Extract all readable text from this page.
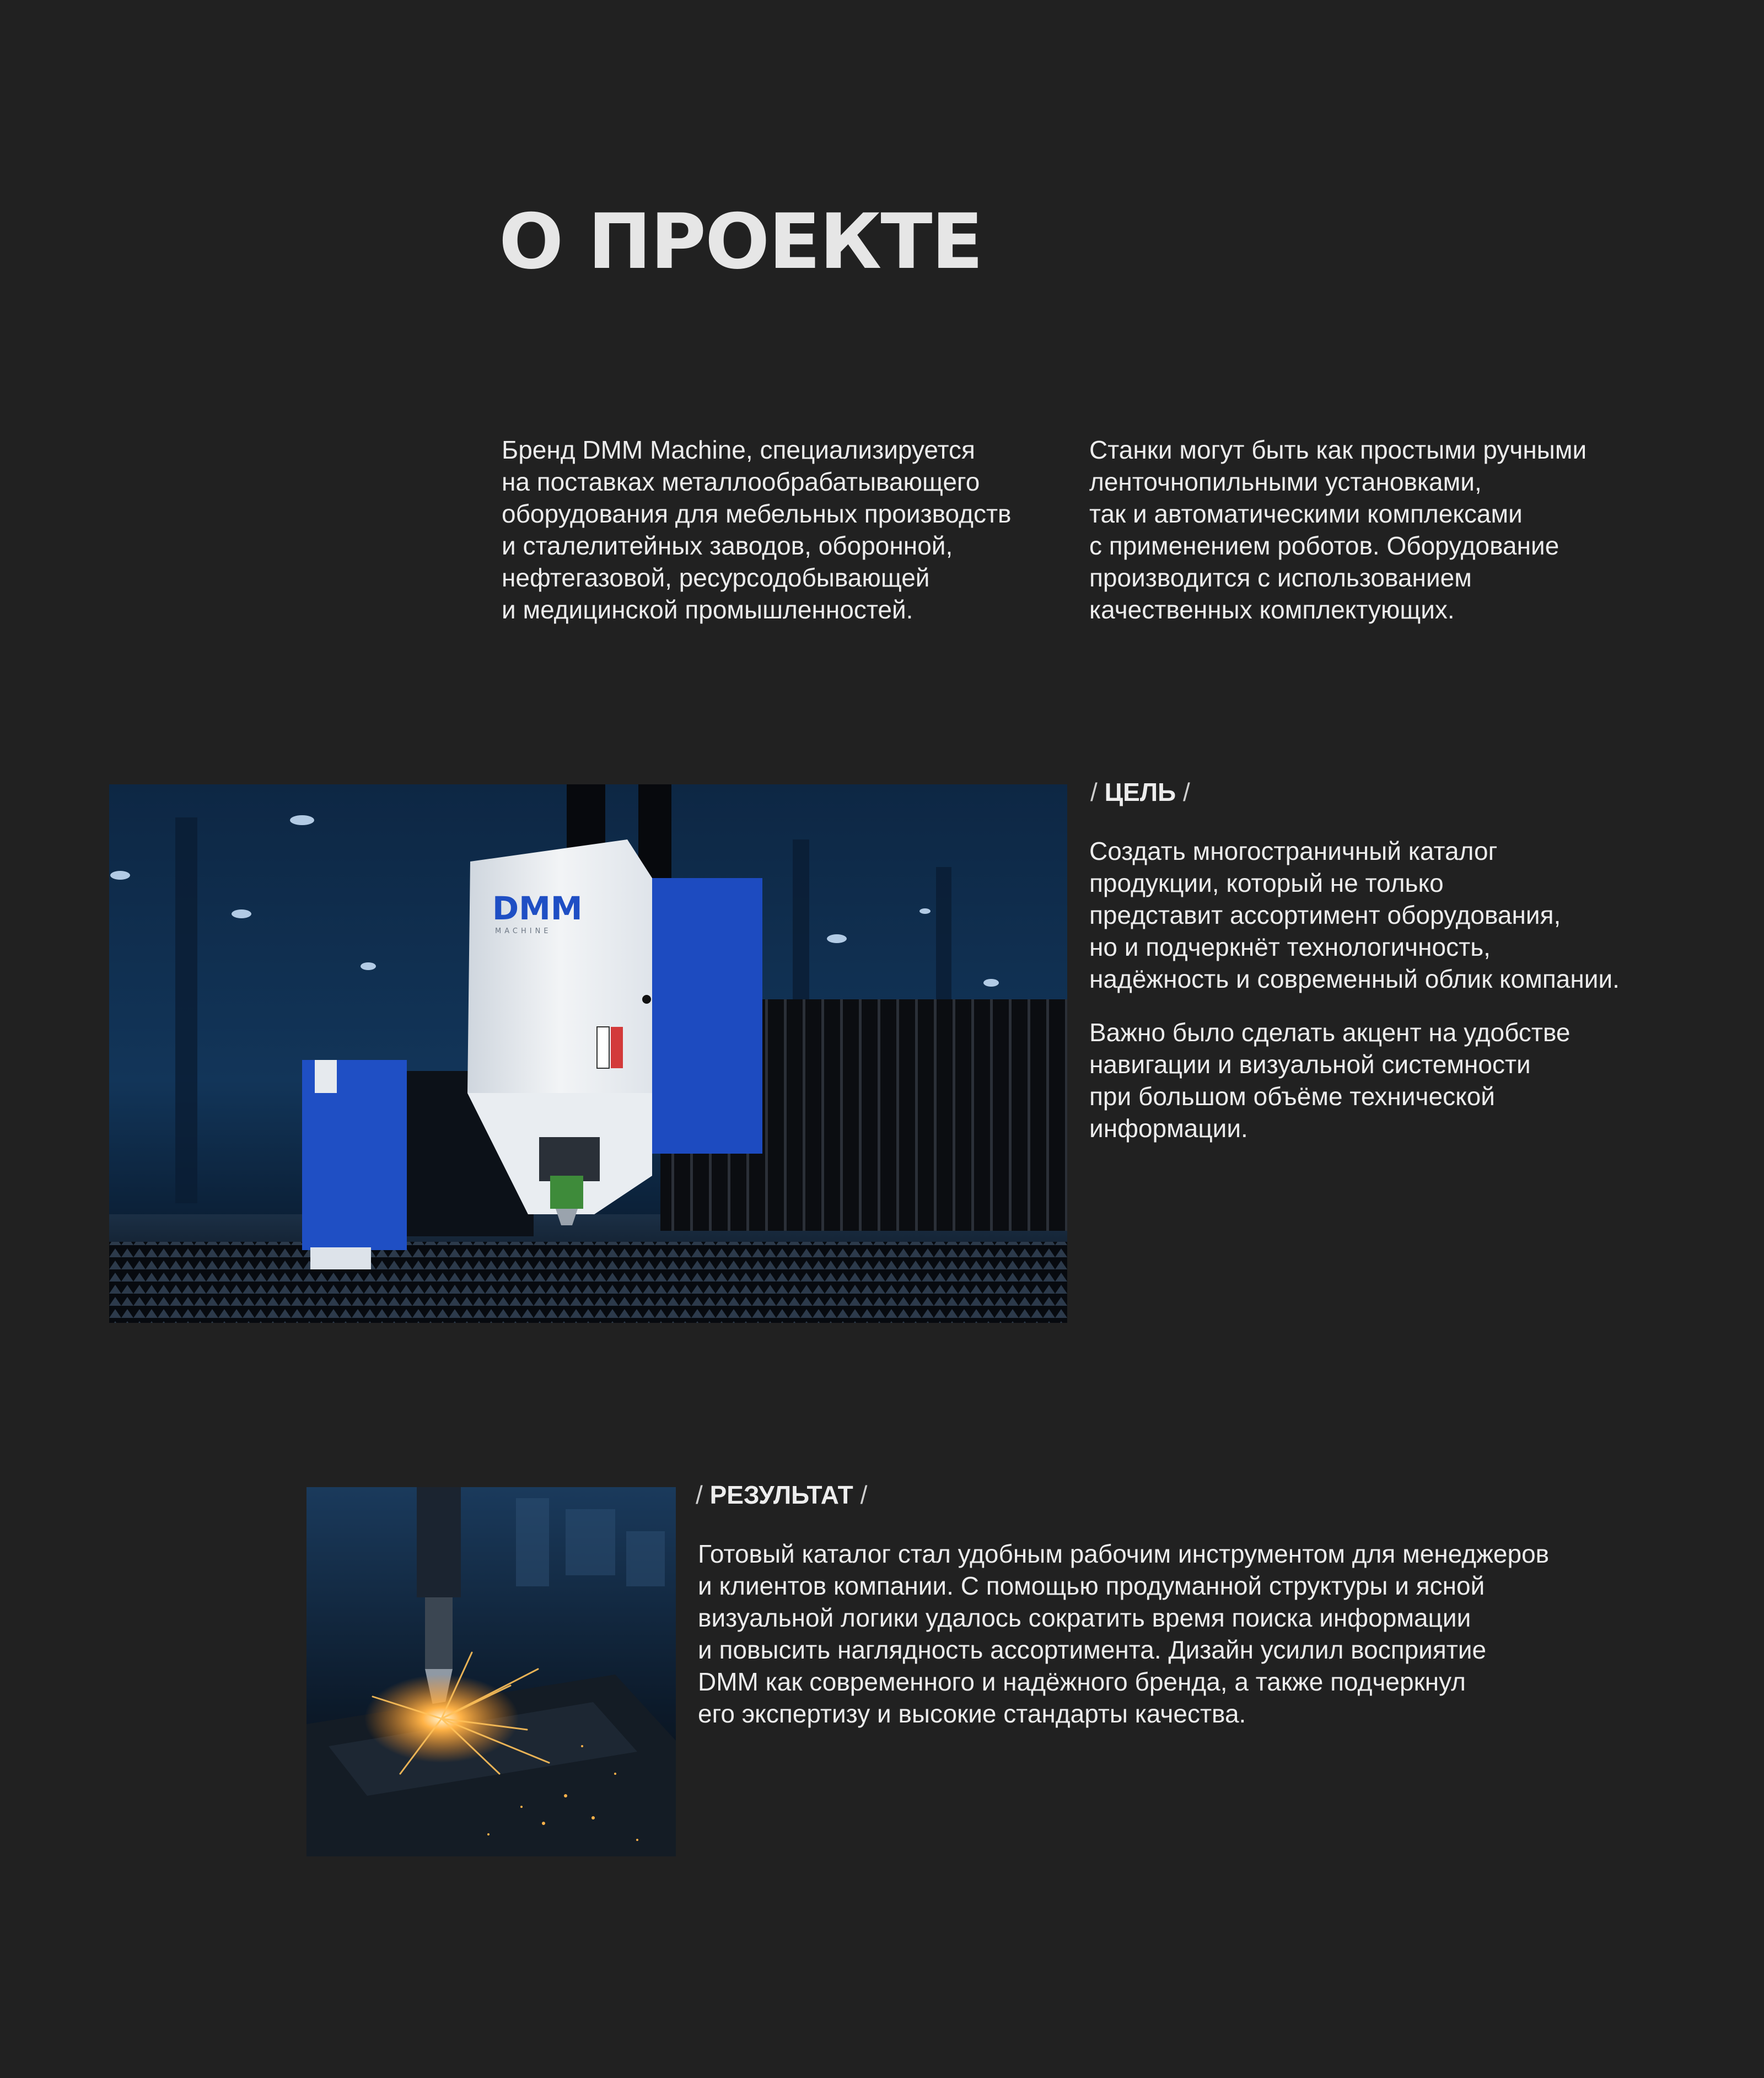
О ПРОЕКТЕ

Бренд DMM Machine, специализируется
на поставках металлообрабатывающего
оборудования для мебельных производств
и сталелитейных заводов, оборонной,
нефтегазовой, ресурсодобывающей
и медицинской промышленностей.

Станки могут быть как простыми ручными
ленточнопильными установками,
так и автоматическими комплексами
с применением роботов. Оборудование
производится с использованием
качественных комплектующих.

DMM
MACHINE
/ ЦЕЛЬ /

Создать многостраничный каталог
продукции, который не только
представит ассортимент оборудования,
но и подчеркнёт технологичность,
надёжность и современный облик компании.

Важно было сделать акцент на удобстве
навигации и визуальной системности
при большом объёме технической
информации.

/ РЕЗУЛЬТАТ /

Готовый каталог стал удобным рабочим инструментом для менеджеров
и клиентов компании. С помощью продуманной структуры и ясной
визуальной логики удалось сократить время поиска информации
и повысить наглядность ассортимента. Дизайн усилил восприятие
DMM как современного и надёжного бренда, а также подчеркнул
его экспертизу и высокие стандарты качества.
